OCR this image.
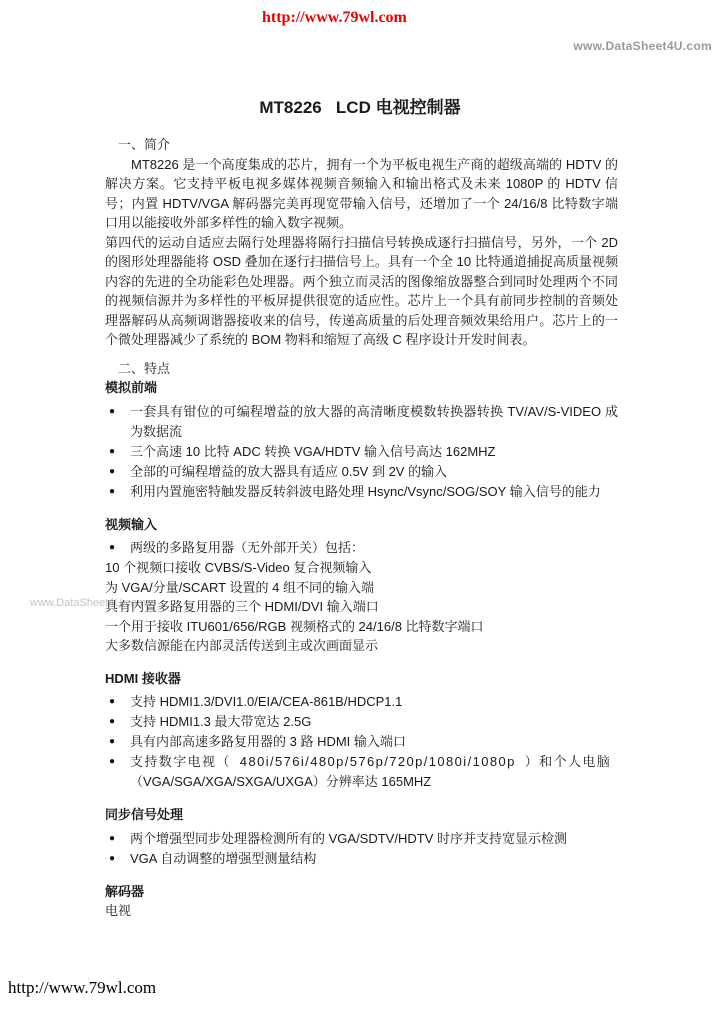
http://www.79wl.com
www.DataSheet4U.com
www.DataSheet4U.com
MT8226   LCD 电视控制器
一、简介

MT8226 是一个高度集成的芯片，拥有一个为平板电视生产商的超级高端的 HDTV 的解决方案。它支持平板电视多媒体视频音频输入和输出格式及未来 1080P 的 HDTV 信号；内置 HDTV/VGA 解码器完美再现宽带输入信号，还增加了一个 24/16/8 比特数字端口用以能接收外部多样性的输入数字视频。

第四代的运动自适应去隔行处理器将隔行扫描信号转换成逐行扫描信号，另外，一个 2D 的图形处理器能将 OSD 叠加在逐行扫描信号上。具有一个全 10 比特通道捕捉高质量视频内容的先进的全功能彩色处理器。两个独立而灵活的图像缩放器整合到同时处理两个不同的视频信源并为多样性的平板屏提供很宽的适应性。芯片上一个具有前同步控制的音频处理器解码从高频调谐器接收来的信号，传递高质量的后处理音频效果给用户。芯片上的一个微处理器减少了系统的 BOM 物料和缩短了高级 C 程序设计开发时间表。

二、特点
模拟前端
● 一套具有钳位的可编程增益的放大器的高清晰度模数转换器转换 TV/AV/S-VIDEO 成为数据流
● 三个高速 10 比特 ADC 转换 VGA/HDTV 输入信号高达 162MHZ
● 全部的可编程增益的放大器具有适应 0.5V 到 2V 的输入
● 利用内置施密特触发器反转斜波电路处理 Hsync/Vsync/SOG/SOY 输入信号的能力
视频输入
● 两级的多路复用器（无外部开关）包括：
10 个视频口接收 CVBS/S-Video 复合视频输入
为 VGA/分量/SCART 设置的 4 组不同的输入端
具有内置多路复用器的三个 HDMI/DVI 输入端口
一个用于接收 ITU601/656/RGB 视频格式的 24/16/8 比特数字端口
大多数信源能在内部灵活传送到主或次画面显示
HDMI 接收器
● 支持 HDMI1.3/DVI1.0/EIA/CEA-861B/HDCP1.1
● 支持 HDMI1.3 最大带宽达 2.5G
● 具有内部高速多路复用器的 3 路 HDMI 输入端口
● 支持数字电视（ 480i/576i/480p/576p/720p/1080i/1080p ）和个人电脑
（VGA/SGA/XGA/SXGA/UXGA）分辨率达 165MHZ
同步信号处理
● 两个增强型同步处理器检测所有的 VGA/SDTV/HDTV 时序并支持宽显示检测
● VGA 自动调整的增强型测量结构
解码器
电视
http://www.79wl.com
